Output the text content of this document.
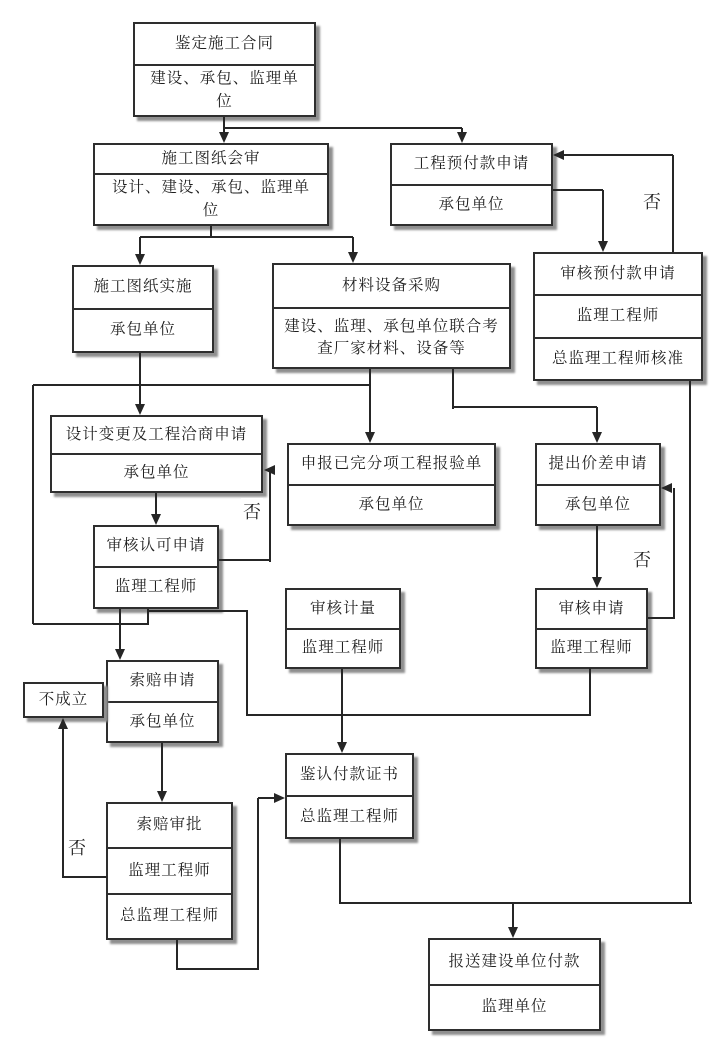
鉴定施工合同
建设、承包、监理单位
施工图纸会审
设计、建设、承包、监理单位
工程预付款申请
承包单位
审核预付款申请
监理工程师
总监理工程师核准
施工图纸实施
承包单位
材料设备采购
建设、监理、承包单位联合考查厂家材料、设备等
设计变更及工程洽商申请
承包单位
申报已完分项工程报验单
承包单位
提出价差申请
承包单位
审核认可申请
监理工程师
审核计量
监理工程师
审核申请
监理工程师
索赔申请
承包单位
不成立
索赔审批
监理工程师
总监理工程师
鉴认付款证书
总监理工程师
报送建设单位付款
监理单位
否
否
否
否
